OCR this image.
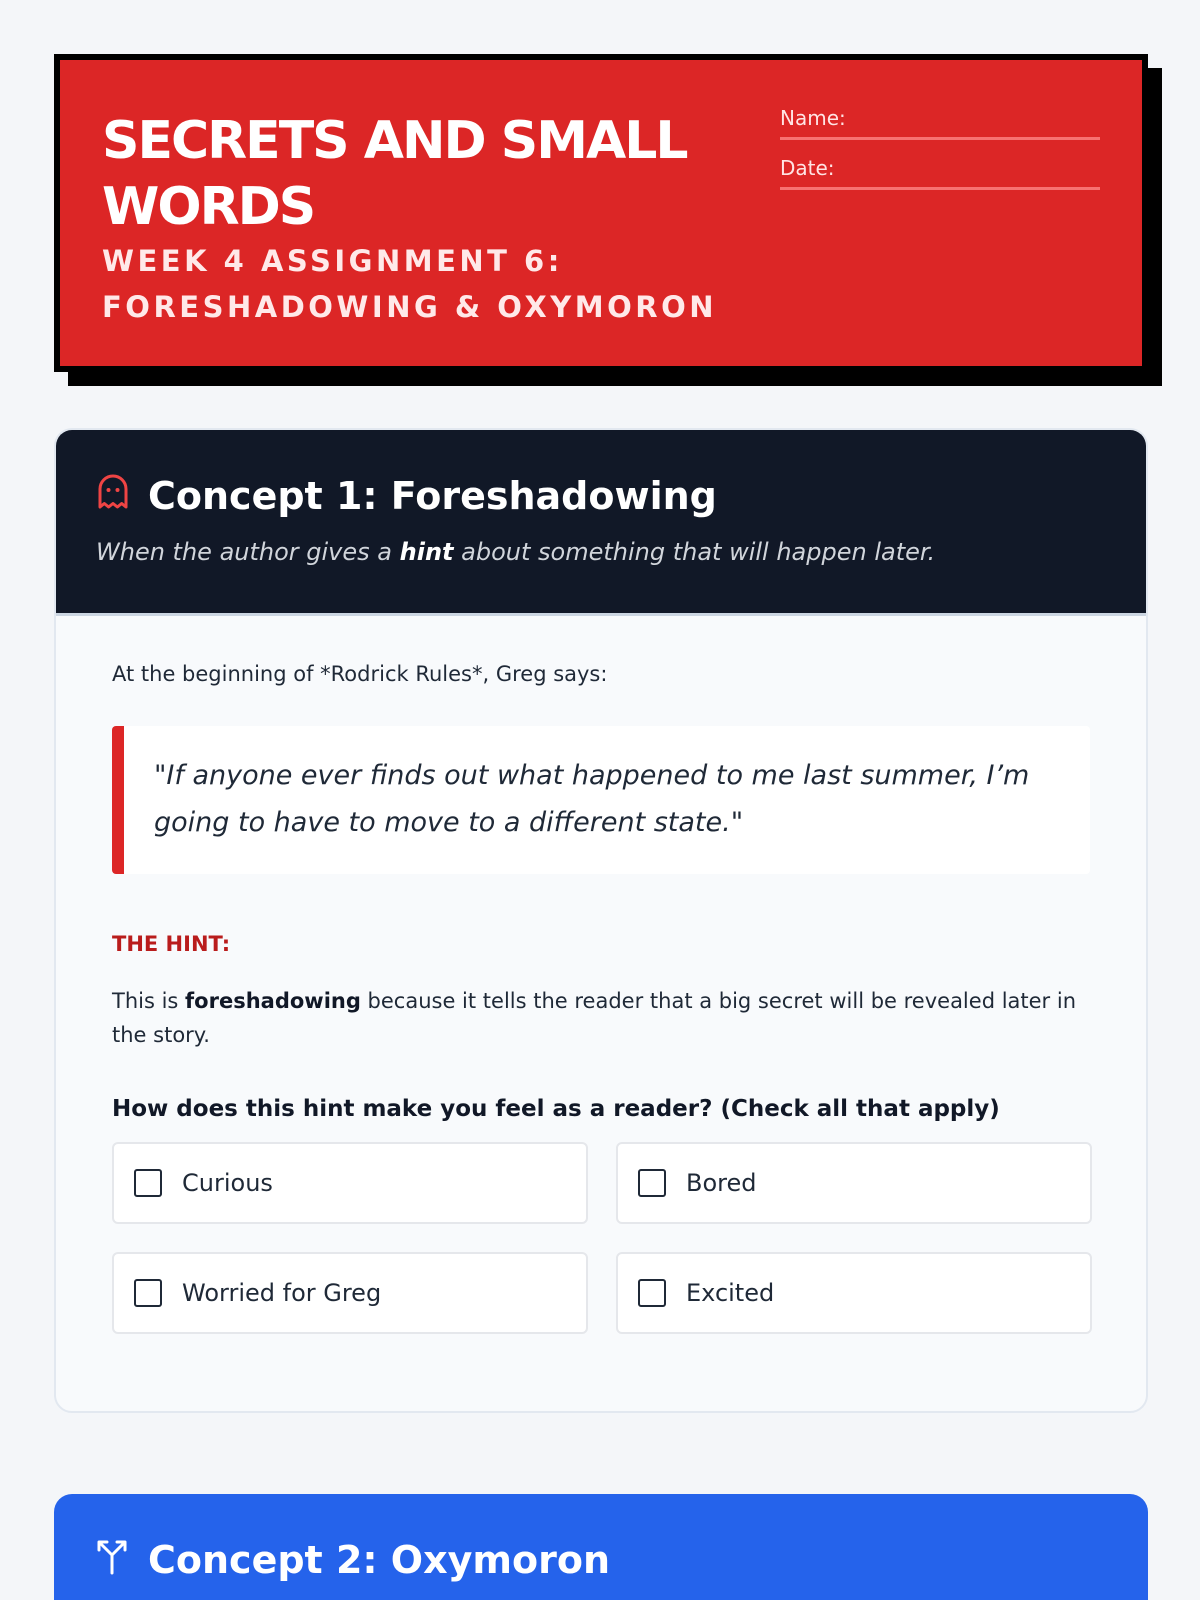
SECRETS AND SMALL WORDS
WEEK 4 ASSIGNMENT 6: FORESHADOWING & OXYMORON
Name:
Date:
Concept 1: Foreshadowing
When the author gives a hint about something that will happen later.
At the beginning of *Rodrick Rules*, Greg says:
"If anyone ever finds out what happened to me last summer, I’m going to have to move to a different state."
THE HINT:
This is foreshadowing because it tells the reader that a big secret will be revealed later in the story.
How does this hint make you feel as a reader? (Check all that apply)
Curious	Bored
Worried for Greg	Excited
Concept 2: Oxymoron
